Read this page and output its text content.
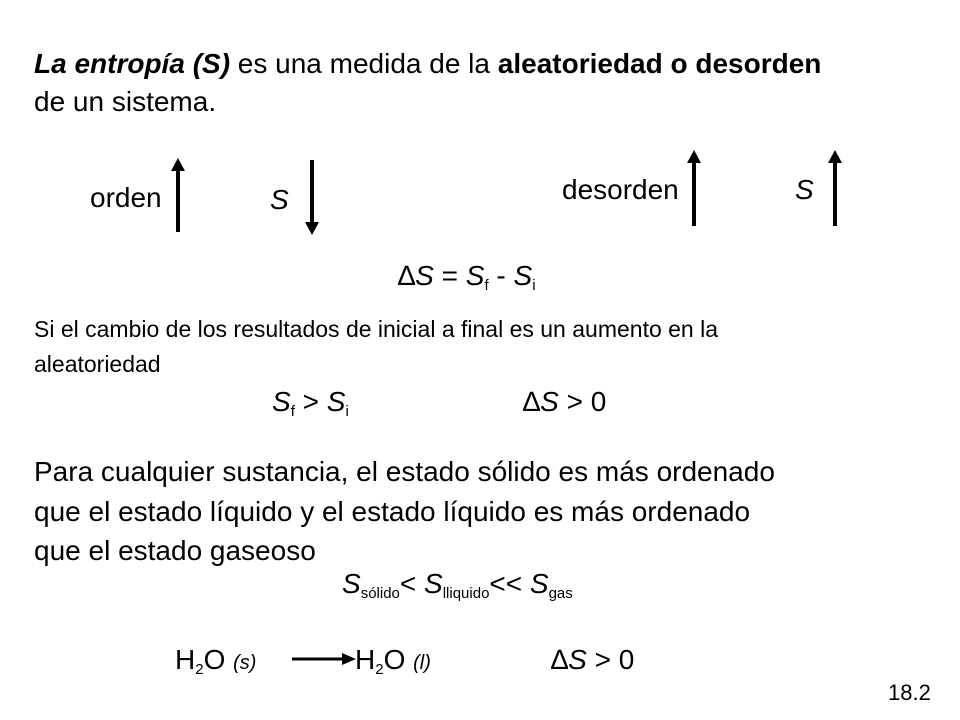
La entropía (S) es una medida de la aleatoriedad o desorden
de un sistema.
orden	S	desorden	S
$\Delta S = S_f - S_i$
Si el cambio de los resultados de inicial a final es un aumento en la
aleatoriedad
$S_f > S_i$	∆S > 0
Para cualquier sustancia, el estado sólido es más ordenado
que el estado líquido y el estado líquido es más ordenado
que el estado gaseoso
$S_{sólido}< S_{lliquido}<< S_{gas}$
$H_2O$ $(s) \to H_2O$ (l)	∆S > 0
18.2
